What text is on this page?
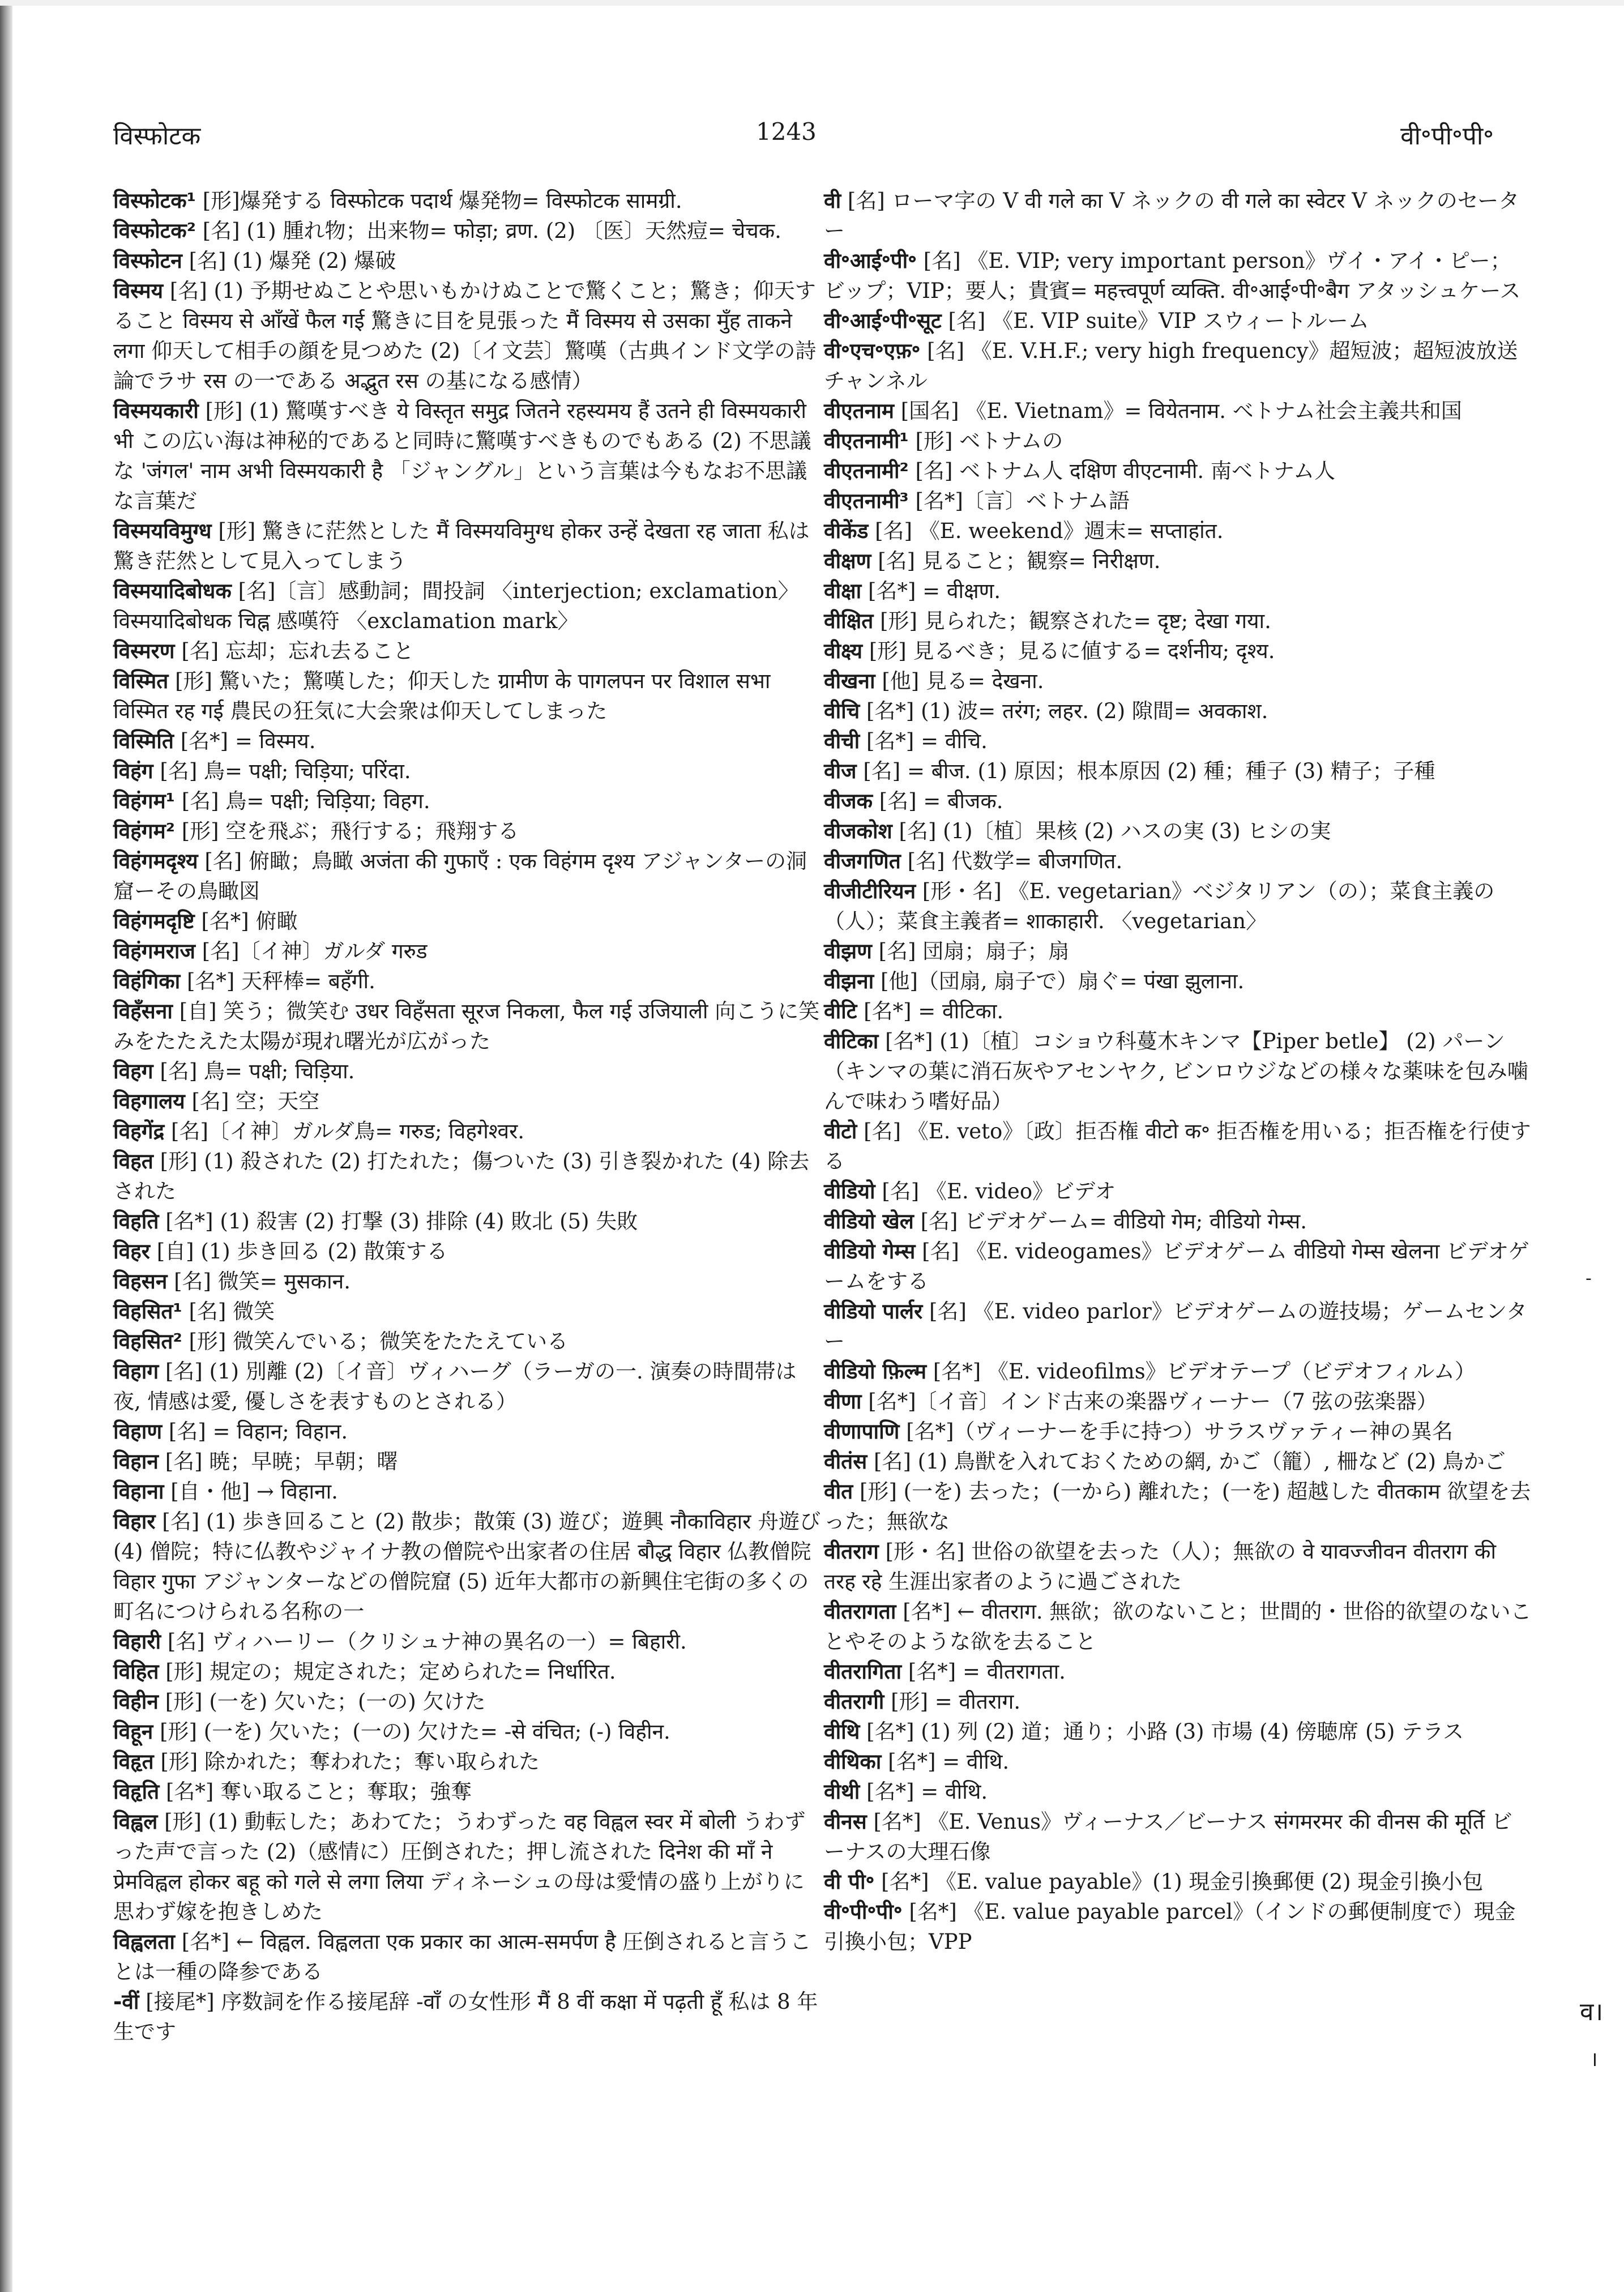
विस्फोटक	1243	वी॰पी॰पी॰

विस्फोटक¹ [形]爆発する विस्फोटक पदार्थ 爆発物= विस्फोटक सामग्री.

विस्फोटक² [名] (1) 腫れ物；出来物= फोड़ा; व्रण. (2) 〔医〕天然痘= चेचक.

विस्फोटन [名] (1) 爆発 (2) 爆破

विस्मय [名] (1) 予期せぬことや思いもかけぬことで驚くこと；驚き；仰天すること विस्मय से आँखें फैल गई 驚きに目を見張った मैं विस्मय से उसका मुँह ताकने लगा 仰天して相手の顔を見つめた (2)〔イ文芸〕驚嘆（古典インド文学の詩論でラサ रस の一である अद्भुत रस の基になる感情）

विस्मयकारी [形] (1) 驚嘆すべき ये विस्तृत समुद्र जितने रहस्यमय हैं उतने ही विस्मयकारी भी この広い海は神秘的であると同時に驚嘆すべきものでもある (2) 不思議な 'जंगल' नाम अभी विस्मयकारी है 「ジャングル」という言葉は今もなお不思議な言葉だ

विस्मयविमुग्ध [形] 驚きに茫然とした मैं विस्मयविमुग्ध होकर उन्हें देखता रह जाता 私は驚き茫然として見入ってしまう

विस्मयादिबोधक [名]〔言〕感動詞；間投詞 〈interjection; exclamation〉 विस्मयादिबोधक चिह्न 感嘆符 〈exclamation mark〉

विस्मरण [名] 忘却；忘れ去ること

विस्मित [形] 驚いた；驚嘆した；仰天した ग्रामीण के पागलपन पर विशाल सभा विस्मित रह गई 農民の狂気に大会衆は仰天してしまった

विस्मिति [名*] = विस्मय.

विहंग [名] 鳥= पक्षी; चिड़िया; परिंदा.

विहंगम¹ [名] 鳥= पक्षी; चिड़िया; विहग.

विहंगम² [形] 空を飛ぶ；飛行する；飛翔する

विहंगमदृश्य [名] 俯瞰；鳥瞰 अजंता की गुफाएँ : एक विहंगम दृश्य アジャンターの洞窟ーその鳥瞰図

विहंगमदृष्टि [名*] 俯瞰

विहंगमराज [名]〔イ神〕ガルダ गरुड

विहंगिका [名*] 天秤棒= बहँगी.

विहँसना [自] 笑う；微笑む उधर विहँसता सूरज निकला, फैल गई उजियाली 向こうに笑みをたたえた太陽が現れ曙光が広がった

विहग [名] 鳥= पक्षी; चिड़िया.

विहगालय [名] 空；天空

विहगेंद्र [名]〔イ神〕ガルダ鳥= गरुड; विहगेश्वर.

विहत [形] (1) 殺された (2) 打たれた；傷ついた (3) 引き裂かれた (4) 除去された

विहति [名*] (1) 殺害 (2) 打撃 (3) 排除 (4) 敗北 (5) 失敗

विहर [自] (1) 歩き回る (2) 散策する

विहसन [名] 微笑= मुसकान.

विहसित¹ [名] 微笑

विहसित² [形] 微笑んでいる；微笑をたたえている

विहाग [名] (1) 別離 (2)〔イ音〕ヴィハーグ（ラーガの一. 演奏の時間帯は夜, 情感は愛, 優しさを表すものとされる）

विहाण [名] = विहान; विहान.

विहान [名] 暁；早暁；早朝；曙

विहाना [自・他] → विहाना.

विहार [名] (1) 歩き回ること (2) 散歩；散策 (3) 遊び；遊興 नौकाविहार 舟遊び (4) 僧院；特に仏教やジャイナ教の僧院や出家者の住居 बौद्ध विहार 仏教僧院 विहार गुफा アジャンターなどの僧院窟 (5) 近年大都市の新興住宅街の多くの町名につけられる名称の一

विहारी [名] ヴィハーリー（クリシュナ神の異名の一）= बिहारी.

विहित [形] 規定の；規定された；定められた= निर्धारित.

विहीन [形] (一を) 欠いた；(一の) 欠けた

विहून [形] (一を) 欠いた；(一の) 欠けた= -से वंचित; (-) विहीन.

विहृत [形] 除かれた；奪われた；奪い取られた

विहृति [名*] 奪い取ること；奪取；強奪

विह्वल [形] (1) 動転した；あわてた；うわずった वह विह्वल स्वर में बोली うわずった声で言った (2)（感情に）圧倒された；押し流された दिनेश की माँ ने प्रेमविह्वल होकर बहू को गले से लगा लिया ディネーシュの母は愛情の盛り上がりに思わず嫁を抱きしめた

विह्वलता [名*] ← विह्वल. विह्वलता एक प्रकार का आत्म-समर्पण है 圧倒されると言うことは一種の降参である

-वीं [接尾*] 序数詞を作る接尾辞 -वाँ の女性形 मैं 8 वीं कक्षा में पढ़ती हूँ 私は 8 年生です

वी [名] ローマ字の V वी गले का V ネックの वी गले का स्वेटर V ネックのセーター

वी॰आई॰पी॰ [名] 《E. VIP; very important person》ヴイ・アイ・ピー；ビップ；VIP；要人；貴賓= महत्त्वपूर्ण व्यक्ति. वी॰आई॰पी॰बैग アタッシュケース

वी॰आई॰पी॰सूट [名] 《E. VIP suite》VIP スウィートルーム

वी॰एच॰एफ़॰ [名] 《E. V.H.F.; very high frequency》超短波；超短波放送チャンネル

वीएतनाम [国名] 《E. Vietnam》= वियेतनाम. ベトナム社会主義共和国

वीएतनामी¹ [形] ベトナムの

वीएतनामी² [名] ベトナム人 दक्षिण वीएटनामी. 南ベトナム人

वीएतनामी³ [名*]〔言〕ベトナム語

वीकेंड [名] 《E. weekend》週末= सप्ताहांत.

वीक्षण [名] 見ること；観察= निरीक्षण.

वीक्षा [名*] = वीक्षण.

वीक्षित [形] 見られた；観察された= दृष्ट; देखा गया.

वीक्ष्य [形] 見るべき；見るに値する= दर्शनीय; दृश्य.

वीखना [他] 見る= देखना.

वीचि [名*] (1) 波= तरंग; लहर. (2) 隙間= अवकाश.

वीची [名*] = वीचि.

वीज [名] = बीज. (1) 原因；根本原因 (2) 種；種子 (3) 精子；子種

वीजक [名] = बीजक.

वीजकोश [名] (1)〔植〕果核 (2) ハスの実 (3) ヒシの実

वीजगणित [名] 代数学= बीजगणित.

वीजीटीरियन [形・名] 《E. vegetarian》ベジタリアン（の）；菜食主義の（人）；菜食主義者= शाकाहारी. 〈vegetarian〉

वीझण [名] 団扇；扇子；扇

वीझना [他]（団扇, 扇子で）扇ぐ= पंखा झुलाना.

वीटि [名*] = वीटिका.

वीटिका [名*] (1)〔植〕コショウ科蔓木キンマ【Piper betle】 (2) パーン（キンマの葉に消石灰やアセンヤク, ビンロウジなどの様々な薬味を包み噛んで味わう嗜好品）

वीटो [名] 《E. veto》〔政〕拒否権 वीटो क॰ 拒否権を用いる；拒否権を行使する

वीडियो [名] 《E. video》ビデオ

वीडियो खेल [名] ビデオゲーム= वीडियो गेम; वीडियो गेम्स.

वीडियो गेम्स [名] 《E. videogames》ビデオゲーム वीडियो गेम्स खेलना ビデオゲームをする

वीडियो पार्लर [名] 《E. video parlor》ビデオゲームの遊技場；ゲームセンター

वीडियो फ़िल्म [名*] 《E. videofilms》ビデオテープ（ビデオフィルム）

वीणा [名*]〔イ音〕インド古来の楽器ヴィーナー（7 弦の弦楽器）

वीणापाणि [名*]（ヴィーナーを手に持つ）サラスヴァティー神の異名

वीतंस [名] (1) 鳥獣を入れておくための網, かご（籠）, 柵など (2) 鳥かご

वीत [形] (一を) 去った；(一から) 離れた；(一を) 超越した वीतकाम 欲望を去った；無欲な

वीतराग [形・名] 世俗の欲望を去った（人）；無欲の वे यावज्जीवन वीतराग की तरह रहे 生涯出家者のように過ごされた

वीतरागता [名*] ← वीतराग. 無欲；欲のないこと；世間的・世俗的欲望のないことやそのような欲を去ること

वीतरागिता [名*] = वीतरागता.

वीतरागी [形] = वीतराग.

वीथि [名*] (1) 列 (2) 道；通り；小路 (3) 市場 (4) 傍聴席 (5) テラス

वीथिका [名*] = वीथि.

वीथी [名*] = वीथि.

वीनस [名*] 《E. Venus》ヴィーナス／ビーナス संगमरमर की वीनस की मूर्ति ビーナスの大理石像

वी पी॰ [名*] 《E. value payable》(1) 現金引換郵便 (2) 現金引換小包

वी॰पी॰पी॰ [名*] 《E. value payable parcel》（インドの郵便制度で）現金引換小包；VPP

व।
।
-
